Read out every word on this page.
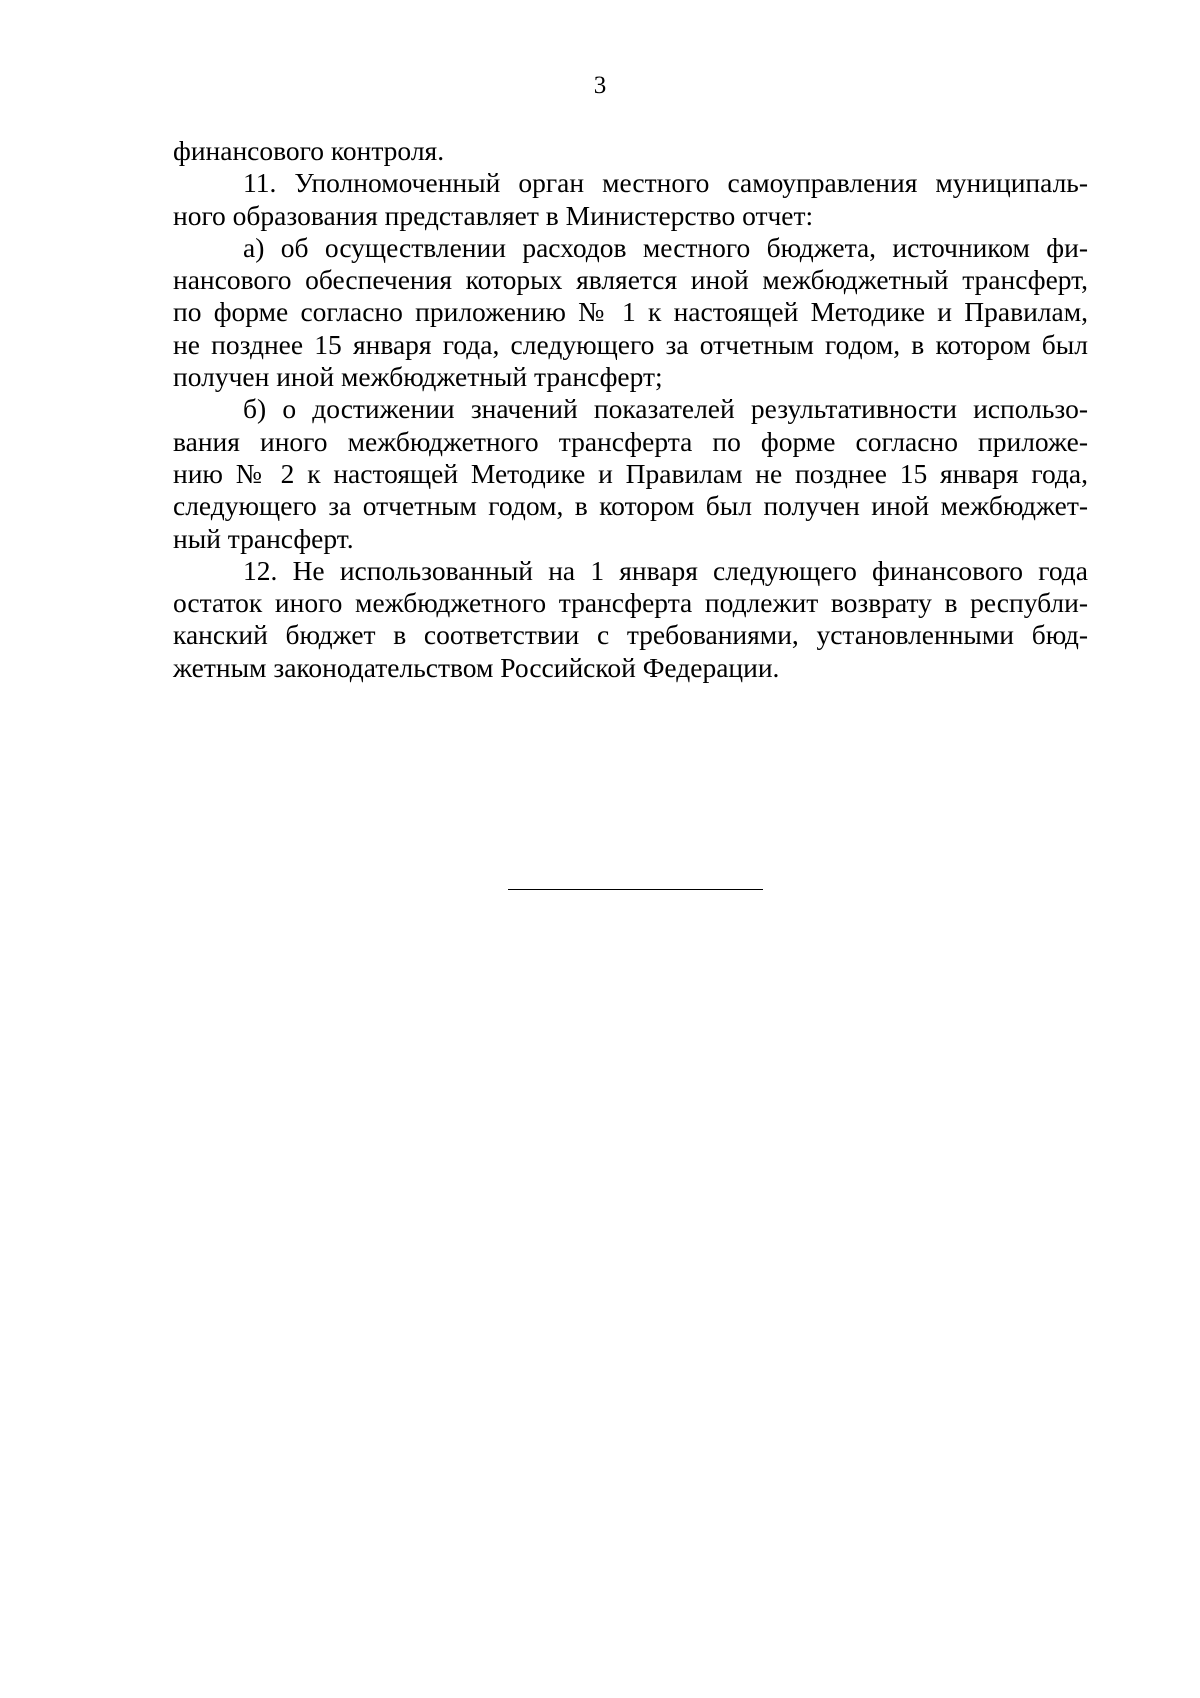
3
финансового контроля.
11. Уполномоченный орган местного самоуправления муниципаль-
ного образования представляет в Министерство отчет:
а) об осуществлении расходов местного бюджета, источником фи-
нансового обеспечения которых является иной межбюджетный трансферт,
по форме согласно приложению № 1 к настоящей Методике и Правилам,
не позднее 15 января года, следующего за отчетным годом, в котором был
получен иной межбюджетный трансферт;
б) о достижении значений показателей результативности использо-
вания иного межбюджетного трансферта по форме согласно приложе-
нию № 2 к настоящей Методике и Правилам не позднее 15 января года,
следующего за отчетным годом, в котором был получен иной межбюджет-
ный трансферт.
12. Не использованный на 1 января следующего финансового года
остаток иного межбюджетного трансферта подлежит возврату в республи-
канский бюджет в соответствии с требованиями, установленными бюд-
жетным законодательством Российской Федерации.
